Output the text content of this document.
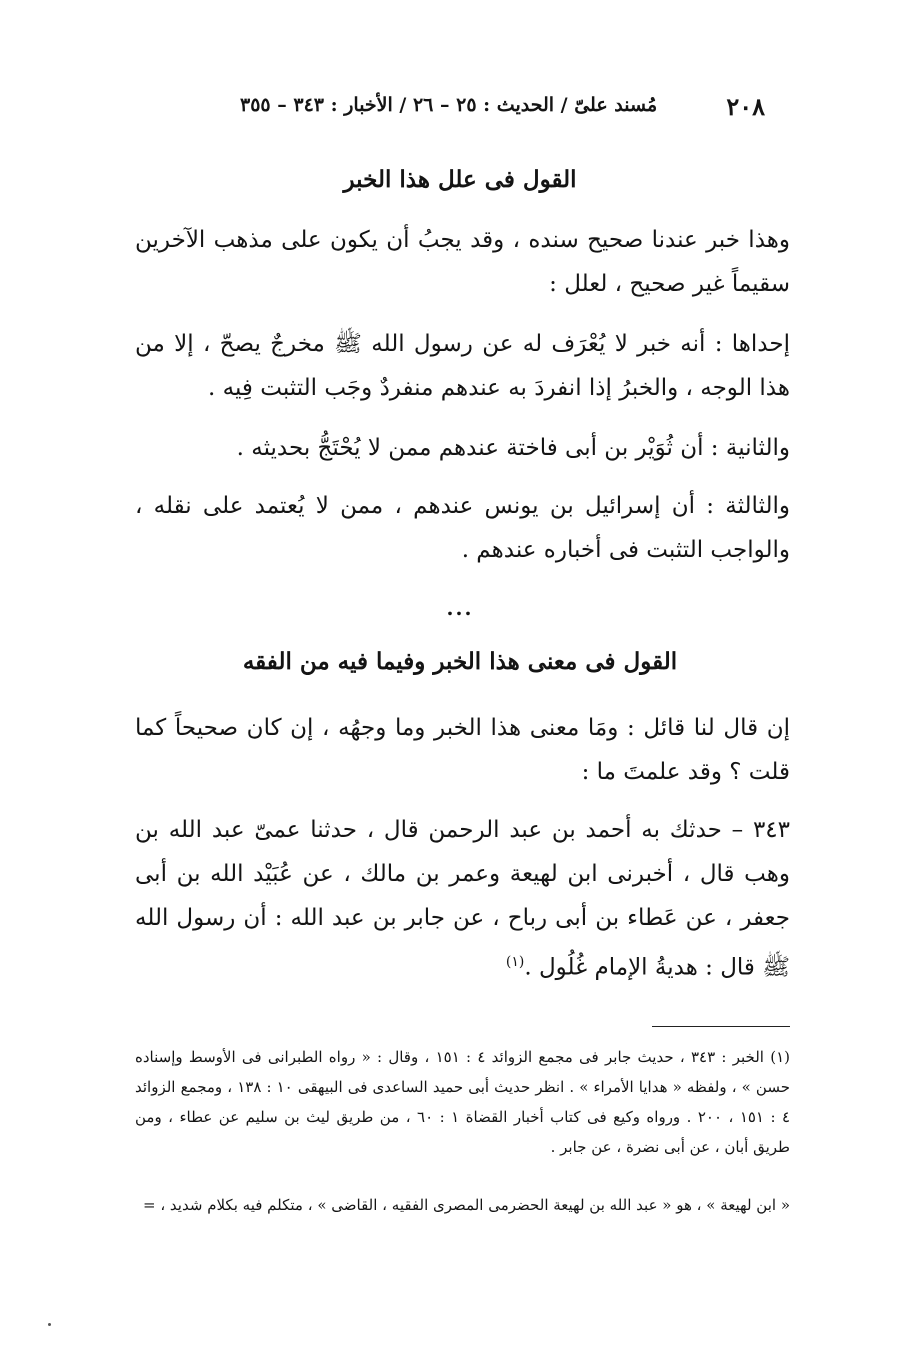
٢٠٨
مُسند علىّ / الحديث : ٢٥ – ٢٦ / الأخبار : ٣٤٣ – ٣٥٥
القول فى علل هذا الخبر

وهذا خبر عندنا صحيح سنده ، وقد يجبُ أن يكون على مذهب الآخرين سقيماً غير صحيح ، لعلل :

إحداها : أنه خبر لا يُعْرَف له عن رسول الله ﷺ مخرجٌ يصحّ ، إلا من هذا الوجه ، والخبرُ إذا انفردَ به عندهم منفردٌ وجَب التثبت فِيه .

والثانية : أن ثُوَيْر بن أبى فاختة عندهم ممن لا يُحْتَجُّ بحديثه .

والثالثة : أن إسرائيل بن يونس عندهم ، ممن لا يُعتمد على نقله ، والواجب التثبت فى أخباره عندهم .

...
القول فى معنى هذا الخبر وفيما فيه من الفقه

إن قال لنا قائل : ومَا معنى هذا الخبر وما وجهُه ، إن كان صحيحاً كما قلت ؟ وقد علمتَ ما :

٣٤٣ – حدثك به أحمد بن عبد الرحمن قال ، حدثنا عمىّ عبد الله بن وهب قال ، أخبرنى ابن لهيعة وعمر بن مالك ، عن عُبَيْد الله بن أبى جعفر ، عن عَطاء بن أبى رباح ، عن جابر بن عبد الله : أن رسول الله ﷺ قال : هديةُ الإمام غُلُول .$^{(١)}$

(١) الخبر : ٣٤٣ ، حديث جابر فى مجمع الزوائد ٤ : ١٥١ ، وقال : « رواه الطبرانى فى الأوسط وإسناده حسن » ، ولفظه « هدايا الأمراء » . انظر حديث أبى حميد الساعدى فى البيهقى ١٠ : ١٣٨ ، ومجمع الزوائد ٤ : ١٥١ ، ٢٠٠ . ورواه وكيع فى كتاب أخبار القضاة ١ : ٦٠ ، من طريق ليث بن سليم عن عطاء ، ومن طريق أبان ، عن أبى نضرة ، عن جابر .

« ابن لهيعة » ، هو « عبد الله بن لهيعة الحضرمى المصرى الفقيه ، القاضى » ، متكلم فيه بكلام شديد ، =
